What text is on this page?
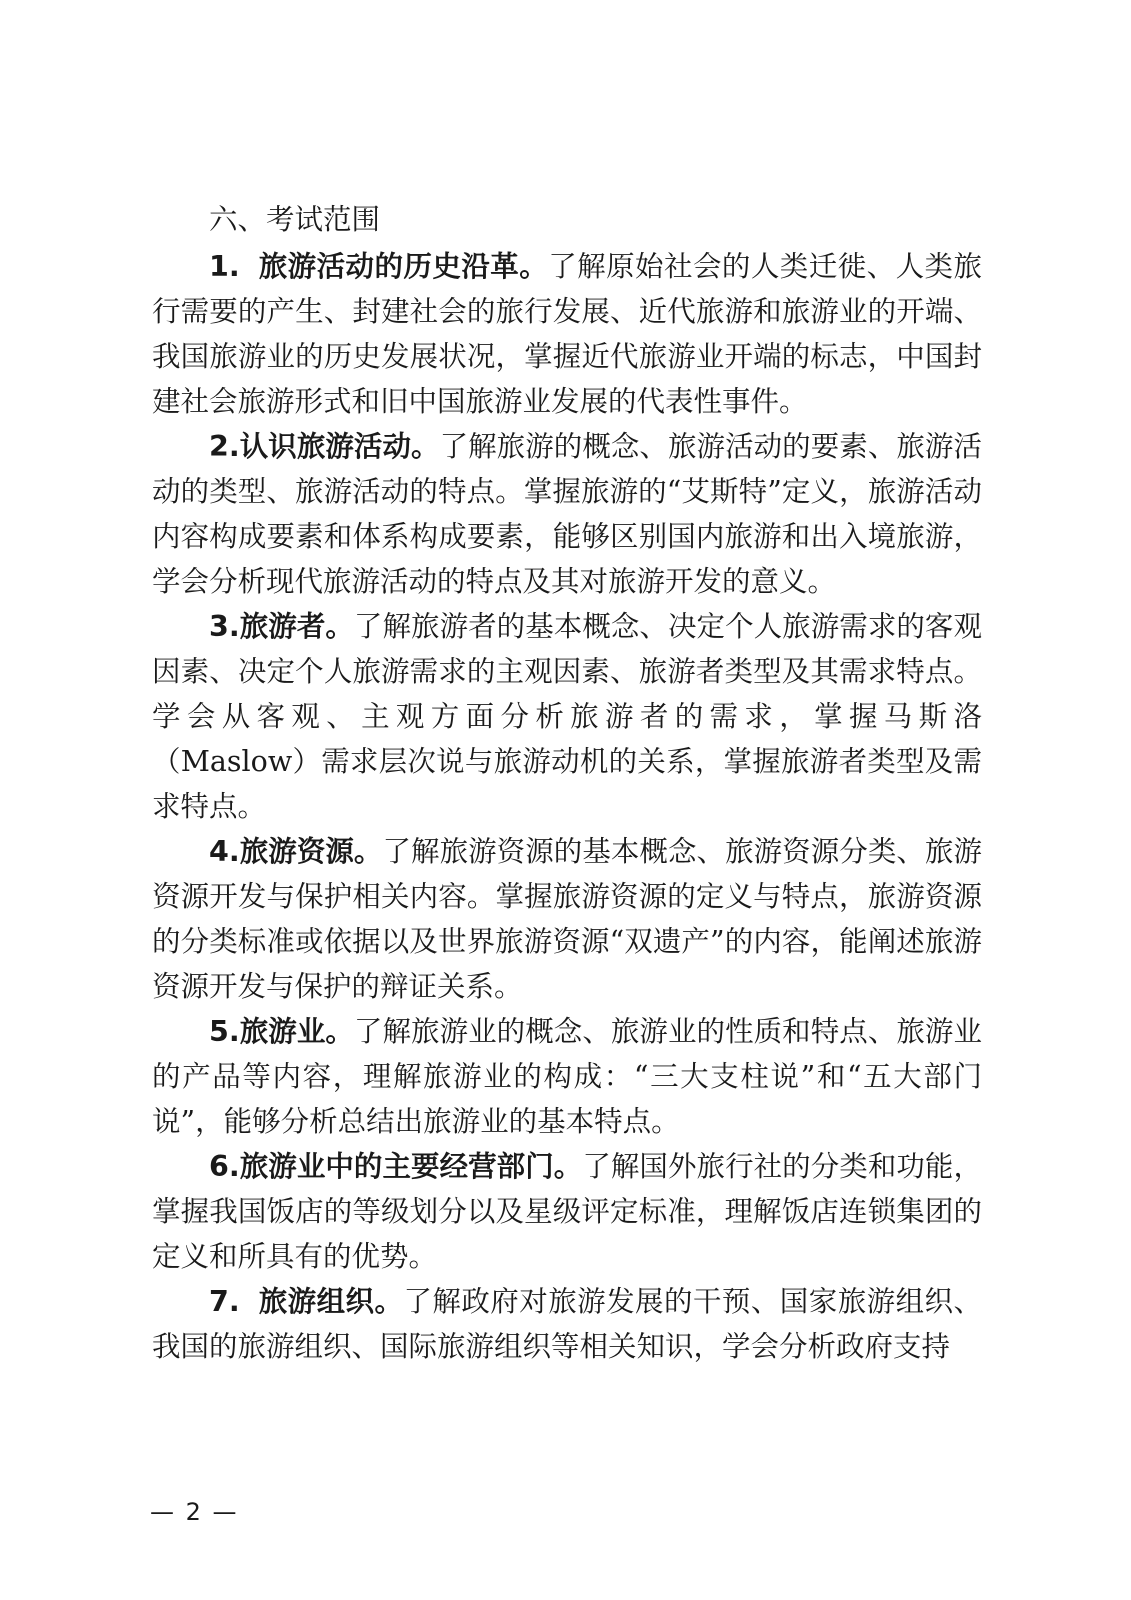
六、考试范围

1. 旅游活动的历史沿革。了解原始社会的人类迁徙、人类旅行需要的产生、封建社会的旅行发展、近代旅游和旅游业的开端、我国旅游业的历史发展状况，掌握近代旅游业开端的标志，中国封建社会旅游形式和旧中国旅游业发展的代表性事件。

2.认识旅游活动。了解旅游的概念、旅游活动的要素、旅游活动的类型、旅游活动的特点。掌握旅游的“艾斯特”定义，旅游活动内容构成要素和体系构成要素，能够区别国内旅游和出入境旅游，学会分析现代旅游活动的特点及其对旅游开发的意义。

3.旅游者。了解旅游者的基本概念、决定个人旅游需求的客观因素、决定个人旅游需求的主观因素、旅游者类型及其需求特点。学会从客观、主观方面分析旅游者的需求，掌握马斯洛（Maslow）需求层次说与旅游动机的关系，掌握旅游者类型及需求特点。

4.旅游资源。了解旅游资源的基本概念、旅游资源分类、旅游资源开发与保护相关内容。掌握旅游资源的定义与特点，旅游资源的分类标准或依据以及世界旅游资源“双遗产”的内容，能阐述旅游资源开发与保护的辩证关系。

5.旅游业。了解旅游业的概念、旅游业的性质和特点、旅游业的产品等内容，理解旅游业的构成：“三大支柱说”和“五大部门说”，能够分析总结出旅游业的基本特点。

6.旅游业中的主要经营部门。了解国外旅行社的分类和功能，掌握我国饭店的等级划分以及星级评定标准，理解饭店连锁集团的定义和所具有的优势。

7. 旅游组织。了解政府对旅游发展的干预、国家旅游组织、我国的旅游组织、国际旅游组织等相关知识，学会分析政府支持

— 2 —
